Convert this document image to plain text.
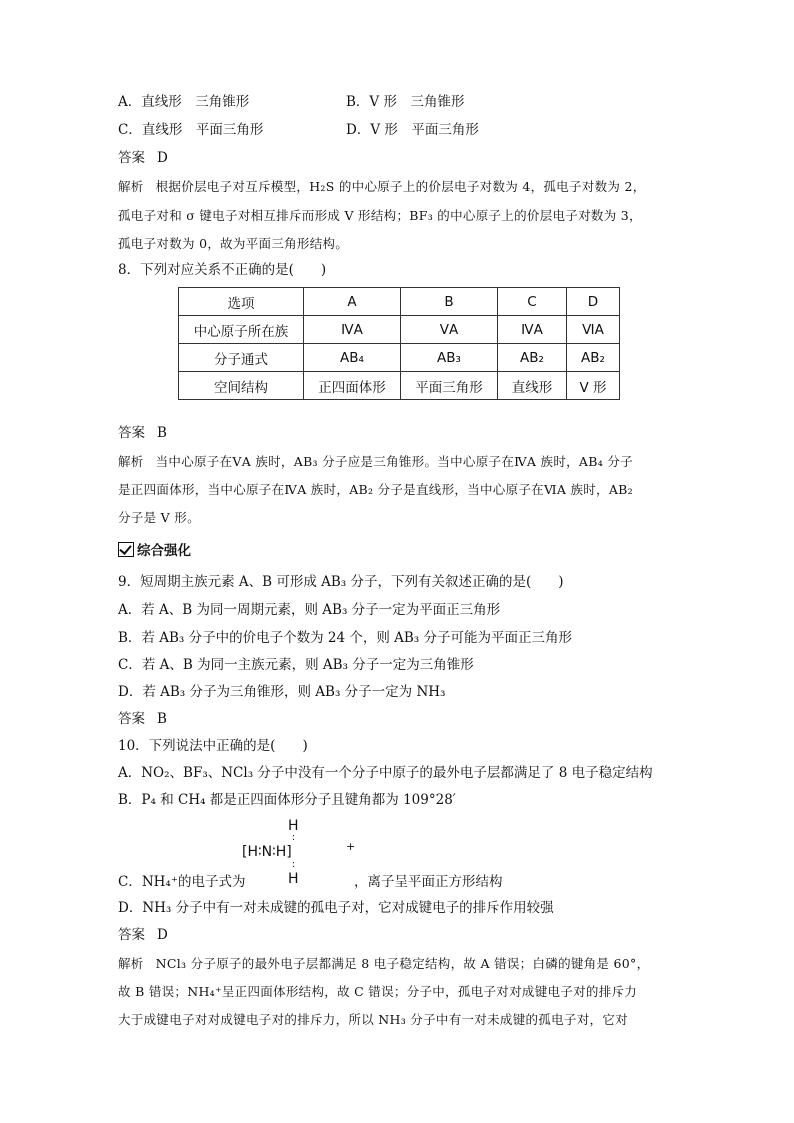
A．直线形　三角锥形	B．V 形　三角锥形
C．直线形　平面三角形	D．V 形　平面三角形
答案 D
解析 根据价层电子对互斥模型，H₂S 的中心原子上的价层电子对数为 4，孤电子对数为 2，
孤电子对和 σ 键电子对相互排斥而形成 V 形结构；BF₃ 的中心原子上的价层电子对数为 3，
孤电子对数为 0，故为平面三角形结构。
8．下列对应关系不正确的是(　　)
选项	A	B	C	D
中心原子所在族	ⅣA	ⅤA	ⅣA	ⅥA
分子通式	AB₄	AB₃	AB₂	AB₂
空间结构	正四面体形	平面三角形	直线形	V 形
答案 B
解析 当中心原子在ⅤA 族时，AB₃ 分子应是三角锥形。当中心原子在ⅣA 族时，AB₄ 分子
是正四面体形，当中心原子在ⅣA 族时，AB₂ 分子是直线形，当中心原子在ⅥA 族时，AB₂
分子是 V 形。
综合强化
9．短周期主族元素 A、B 可形成 AB₃ 分子，下列有关叙述正确的是(　　)
A．若 A、B 为同一周期元素，则 AB₃ 分子一定为平面正三角形
B．若 AB₃ 分子中的价电子个数为 24 个，则 AB₃ 分子可能为平面正三角形
C．若 A、B 为同一主族元素，则 AB₃ 分子一定为三角锥形
D．若 AB₃ 分子为三角锥形，则 AB₃ 分子一定为 NH₃
答案 B
10．下列说法中正确的是(　　)
A．NO₂、BF₃、NCl₃ 分子中没有一个分子中原子的最外电子层都满足了 8 电子稳定结构
B．P₄ 和 CH₄ 都是正四面体形分子且键角都为 109°28′
H
∶
[H∶N∶H]	+
∶
H
C．NH₄⁺的电子式为	，离子呈平面正方形结构
D．NH₃ 分子中有一对未成键的孤电子对，它对成键电子的排斥作用较强
答案 D
解析 NCl₃ 分子原子的最外电子层都满足 8 电子稳定结构，故 A 错误；白磷的键角是 60°，
故 B 错误；NH₄⁺呈正四面体形结构，故 C 错误；分子中，孤电子对对成键电子对的排斥力
大于成键电子对对成键电子对的排斥力，所以 NH₃ 分子中有一对未成键的孤电子对，它对
